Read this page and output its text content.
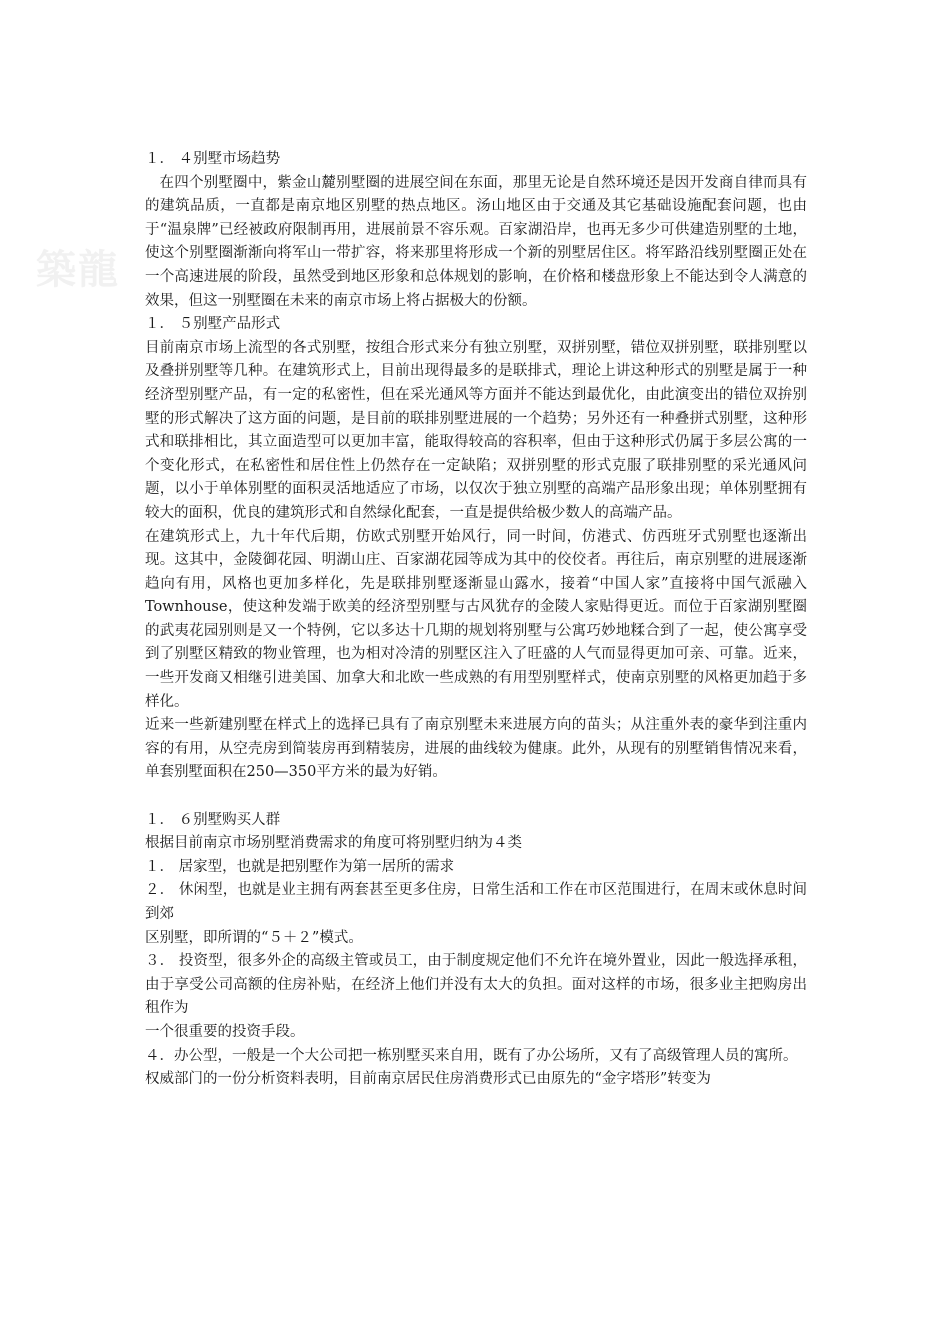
築龍

１． ４别墅市场趋势

在四个别墅圈中，紫金山麓别墅圈的进展空间在东面，那里无论是自然环境还是因开发商自律而具有的建筑品质，一直都是南京地区别墅的热点地区。汤山地区由于交通及其它基础设施配套问题，也由于“温泉牌”已经被政府限制再用，进展前景不容乐观。百家湖沿岸，也再无多少可供建造别墅的土地，使这个别墅圈渐渐向将军山一带扩容，将来那里将形成一个新的别墅居住区。将军路沿线别墅圈正处在一个高速进展的阶段，虽然受到地区形象和总体规划的影响，在价格和楼盘形象上不能达到令人满意的效果，但这一别墅圈在未来的南京市场上将占据极大的份额。

１． ５别墅产品形式

目前南京市场上流型的各式别墅，按组合形式来分有独立别墅，双拼别墅，错位双拼别墅，联排别墅以及叠拼别墅等几种。在建筑形式上，目前出现得最多的是联排式，理论上讲这种形式的别墅是属于一种经济型别墅产品，有一定的私密性，但在采光通风等方面并不能达到最优化，由此演变出的错位双拚别墅的形式解决了这方面的问题，是目前的联排别墅进展的一个趋势；另外还有一种叠拼式别墅，这种形式和联排相比，其立面造型可以更加丰富，能取得较高的容积率，但由于这种形式仍属于多层公寓的一个变化形式，在私密性和居住性上仍然存在一定缺陷；双拼别墅的形式克服了联排别墅的采光通风问题，以小于单体别墅的面积灵活地适应了市场，以仅次于独立别墅的高端产品形象出现；单体别墅拥有较大的面积，优良的建筑形式和自然绿化配套，一直是提供给极少数人的高端产品。

在建筑形式上，九十年代后期，仿欧式别墅开始风行，同一时间，仿港式、仿西班牙式别墅也逐渐出现。这其中，金陵御花园、明湖山庄、百家湖花园等成为其中的佼佼者。再往后，南京别墅的进展逐渐趋向有用，风格也更加多样化，先是联排别墅逐渐显山露水，接着“中国人家”直接将中国气派融入Townhouse，使这种发端于欧美的经济型别墅与古风犹存的金陵人家贴得更近。而位于百家湖别墅圈的武夷花园别则是又一个特例，它以多达十几期的规划将别墅与公寓巧妙地糅合到了一起，使公寓享受到了别墅区精致的物业管理，也为相对冷清的别墅区注入了旺盛的人气而显得更加可亲、可靠。近来，一些开发商又相继引进美国、加拿大和北欧一些成熟的有用型别墅样式，使南京别墅的风格更加趋于多样化。

近来一些新建别墅在样式上的选择已具有了南京别墅未来进展方向的苗头；从注重外表的豪华到注重内容的有用，从空壳房到简装房再到精装房，进展的曲线较为健康。此外，从现有的别墅销售情况来看，单套别墅面积在250—350平方米的最为好销。

１． ６别墅购买人群

根据目前南京市场别墅消费需求的角度可将别墅归纳为４类

１． 居家型，也就是把别墅作为第一居所的需求

２． 休闲型，也就是业主拥有两套甚至更多住房，日常生活和工作在市区范围进行，在周末或休息时间到郊

区别墅，即所谓的“５＋２”模式。

３． 投资型，很多外企的高级主管或员工，由于制度规定他们不允许在境外置业，因此一般选择承租，由于享受公司高额的住房补贴，在经济上他们并没有太大的负担。面对这样的市场，很多业主把购房出租作为

一个很重要的投资手段。

４．办公型，一般是一个大公司把一栋别墅买来自用，既有了办公场所，又有了高级管理人员的寓所。

权威部门的一份分析资料表明，目前南京居民住房消费形式已由原先的“金字塔形”转变为
